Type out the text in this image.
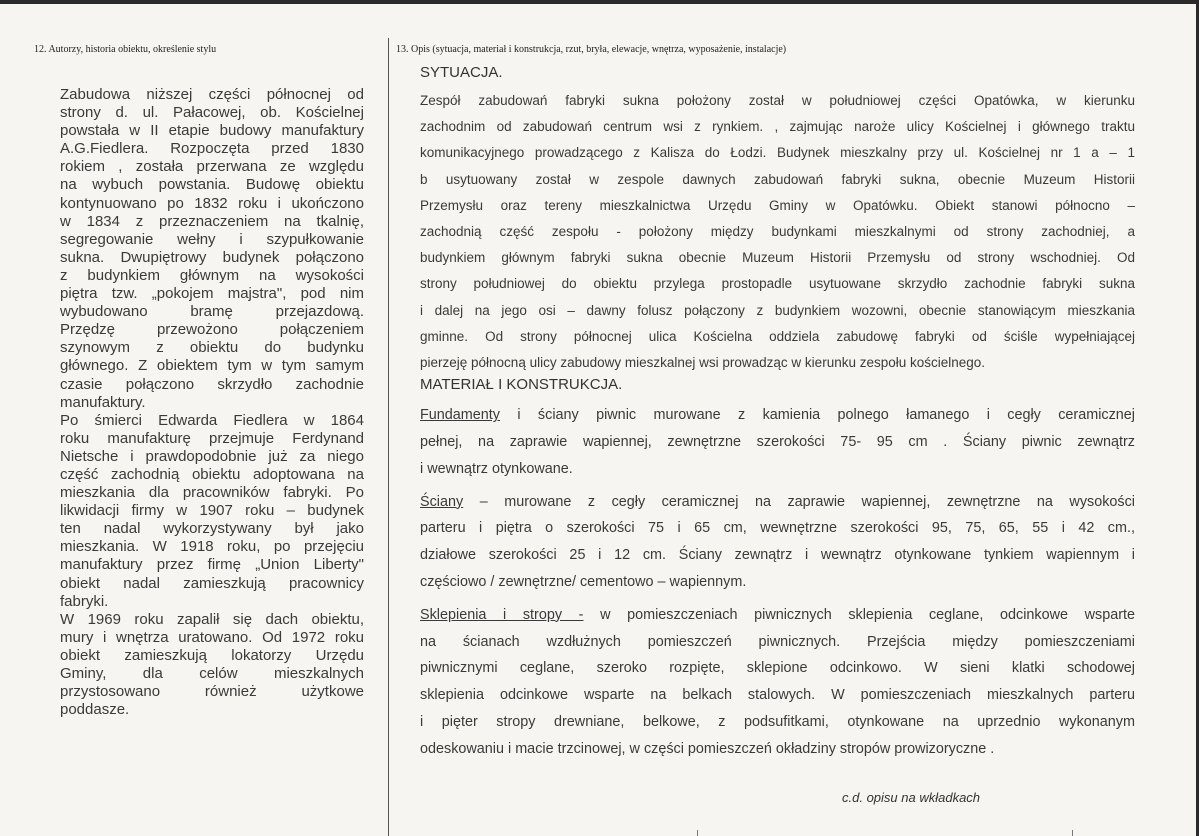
12. Autorzy, historia obiektu, określenie stylu	13. Opis (sytuacja, materiał i konstrukcja, rzut, bryła, elewacje, wnętrza, wyposażenie, instalacje)
Zabudowa niższej części północnej od
strony d. ul. Pałacowej, ob. Kościelnej
powstała w II etapie budowy manufaktury
A.G.Fiedlera. Rozpoczęta przed 1830
rokiem , została przerwana ze względu
na wybuch powstania. Budowę obiektu
kontynuowano po 1832 roku i ukończono
w 1834 z przeznaczeniem na tkalnię,
segregowanie wełny i szypułkowanie
sukna. Dwupiętrowy budynek połączono
z budynkiem głównym na wysokości
piętra tzw. „pokojem majstra", pod nim
wybudowano bramę przejazdową.
Przędzę przewożono połączeniem
szynowym z obiektu do budynku
głównego. Z obiektem tym w tym samym
czasie połączono skrzydło zachodnie
manufaktury.
Po śmierci Edwarda Fiedlera w 1864
roku manufakturę przejmuje Ferdynand
Nietsche i prawdopodobnie już za niego
część zachodnią obiektu adoptowana na
mieszkania dla pracowników fabryki. Po
likwidacji firmy w 1907 roku – budynek
ten nadal wykorzystywany był jako
mieszkania. W 1918 roku, po przejęciu
manufaktury przez firmę „Union Liberty"
obiekt nadal zamieszkują pracownicy
fabryki.
W 1969 roku zapalił się dach obiektu,
mury i wnętrza uratowano. Od 1972 roku
obiekt zamieszkują lokatorzy Urzędu
Gminy, dla celów mieszkalnych
przystosowano również użytkowe
poddasze.
SYTUACJA.
Zespół zabudowań fabryki sukna położony został w południowej części Opatówka, w kierunku
zachodnim od zabudowań centrum wsi z rynkiem. , zajmując naroże ulicy Kościelnej i głównego traktu
komunikacyjnego prowadzącego z Kalisza do Łodzi. Budynek mieszkalny przy ul. Kościelnej nr 1 a – 1
b usytuowany został w zespole dawnych zabudowań fabryki sukna, obecnie Muzeum Historii
Przemysłu oraz tereny mieszkalnictwa Urzędu Gminy w Opatówku. Obiekt stanowi północno –
zachodnią część zespołu - położony między budynkami mieszkalnymi od strony zachodniej, a
budynkiem głównym fabryki sukna obecnie Muzeum Historii Przemysłu od strony wschodniej. Od
strony południowej do obiektu przylega prostopadle usytuowane skrzydło zachodnie fabryki sukna
i dalej na jego osi – dawny folusz połączony z budynkiem wozowni, obecnie stanowiącym mieszkania
gminne. Od strony północnej ulica Kościelna oddziela zabudowę fabryki od ściśle wypełniającej
pierzeję północną ulicy zabudowy mieszkalnej wsi prowadząc w kierunku zespołu kościelnego.
MATERIAŁ I KONSTRUKCJA.
Fundamenty i ściany piwnic murowane z kamienia polnego łamanego i cegły ceramicznej
pełnej, na zaprawie wapiennej, zewnętrzne szerokości 75- 95 cm . Ściany piwnic zewnątrz
i wewnątrz otynkowane.
Ściany – murowane z cegły ceramicznej na zaprawie wapiennej, zewnętrzne na wysokości
parteru i piętra o szerokości 75 i 65 cm, wewnętrzne szerokości 95, 75, 65, 55 i 42 cm.,
działowe szerokości 25 i 12 cm. Ściany zewnątrz i wewnątrz otynkowane tynkiem wapiennym i
częściowo / zewnętrzne/ cementowo – wapiennym.
Sklepienia i stropy - w pomieszczeniach piwnicznych sklepienia ceglane, odcinkowe wsparte
na ścianach wzdłużnych pomieszczeń piwnicznych. Przejścia między pomieszczeniami
piwnicznymi ceglane, szeroko rozpięte, sklepione odcinkowo. W sieni klatki schodowej
sklepienia odcinkowe wsparte na belkach stalowych. W pomieszczeniach mieszkalnych parteru
i pięter stropy drewniane, belkowe, z podsufitkami, otynkowane na uprzednio wykonanym
odeskowaniu i macie trzcinowej, w części pomieszczeń okładziny stropów prowizoryczne .
c.d. opisu na wkładkach
